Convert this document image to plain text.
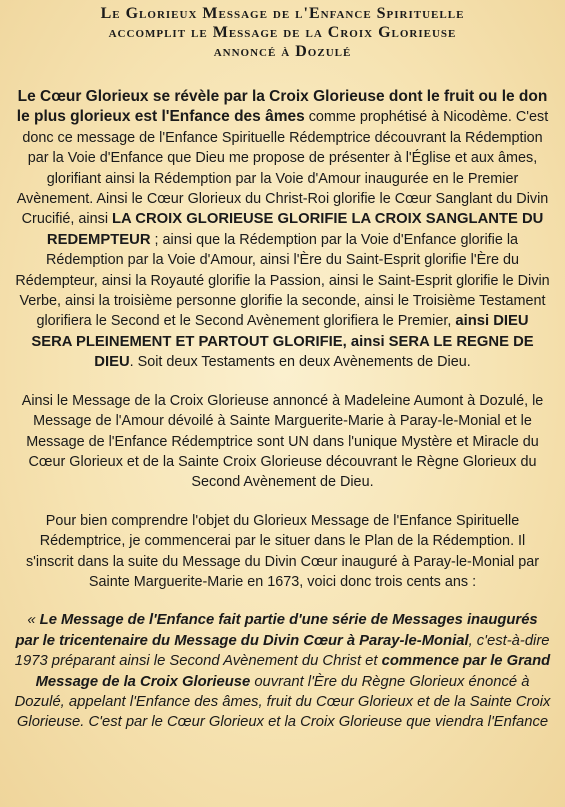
Le Glorieux Message de l'Enfance Spirituelle
accomplit le Message de la Croix Glorieuse
annoncé à Dozulé
Le Cœur Glorieux se révèle par la Croix Glorieuse dont le fruit ou le don le plus glorieux est l'Enfance des âmes comme prophétisé à Nicodème. C'est donc ce message de l'Enfance Spirituelle Rédemptrice découvrant la Rédemption par la Voie d'Enfance que Dieu me propose de présenter à l'Église et aux âmes, glorifiant ainsi la Rédemption par la Voie d'Amour inaugurée en le Premier Avènement. Ainsi le Cœur Glorieux du Christ-Roi glorifie le Cœur Sanglant du Divin Crucifié, ainsi LA CROIX GLORIEUSE GLORIFIE LA CROIX SANGLANTE DU REDEMPTEUR ; ainsi que la Rédemption par la Voie d'Enfance glorifie la Rédemption par la Voie d'Amour, ainsi l'Ère du Saint-Esprit glorifie l'Ère du Rédempteur, ainsi la Royauté glorifie la Passion, ainsi le Saint-Esprit glorifie le Divin Verbe, ainsi la troisième personne glorifie la seconde, ainsi le Troisième Testament glorifiera le Second et le Second Avènement glorifiera le Premier, ainsi DIEU SERA PLEINEMENT ET PARTOUT GLORIFIE, ainsi SERA LE REGNE DE DIEU. Soit deux Testaments en deux Avènements de Dieu.
Ainsi le Message de la Croix Glorieuse annoncé à Madeleine Aumont à Dozulé, le Message de l'Amour dévoilé à Sainte Marguerite-Marie à Paray-le-Monial et le Message de l'Enfance Rédemptrice sont UN dans l'unique Mystère et Miracle du Cœur Glorieux et de la Sainte Croix Glorieuse découvrant le Règne Glorieux du Second Avènement de Dieu.
Pour bien comprendre l'objet du Glorieux Message de l'Enfance Spirituelle Rédemptrice, je commencerai par le situer dans le Plan de la Rédemption. Il s'inscrit dans la suite du Message du Divin Cœur inauguré à Paray-le-Monial par Sainte Marguerite-Marie en 1673, voici donc trois cents ans :
« Le Message de l'Enfance fait partie d'une série de Messages inaugurés par le tricentenaire du Message du Divin Cœur à Paray-le-Monial, c'est-à-dire 1973 préparant ainsi le Second Avènement du Christ et commence par le Grand Message de la Croix Glorieuse ouvrant l'Ère du Règne Glorieux énoncé à Dozulé, appelant l'Enfance des âmes, fruit du Cœur Glorieux et de la Sainte Croix Glorieuse. C'est par le Cœur Glorieux et la Croix Glorieuse que viendra l'Enfance
